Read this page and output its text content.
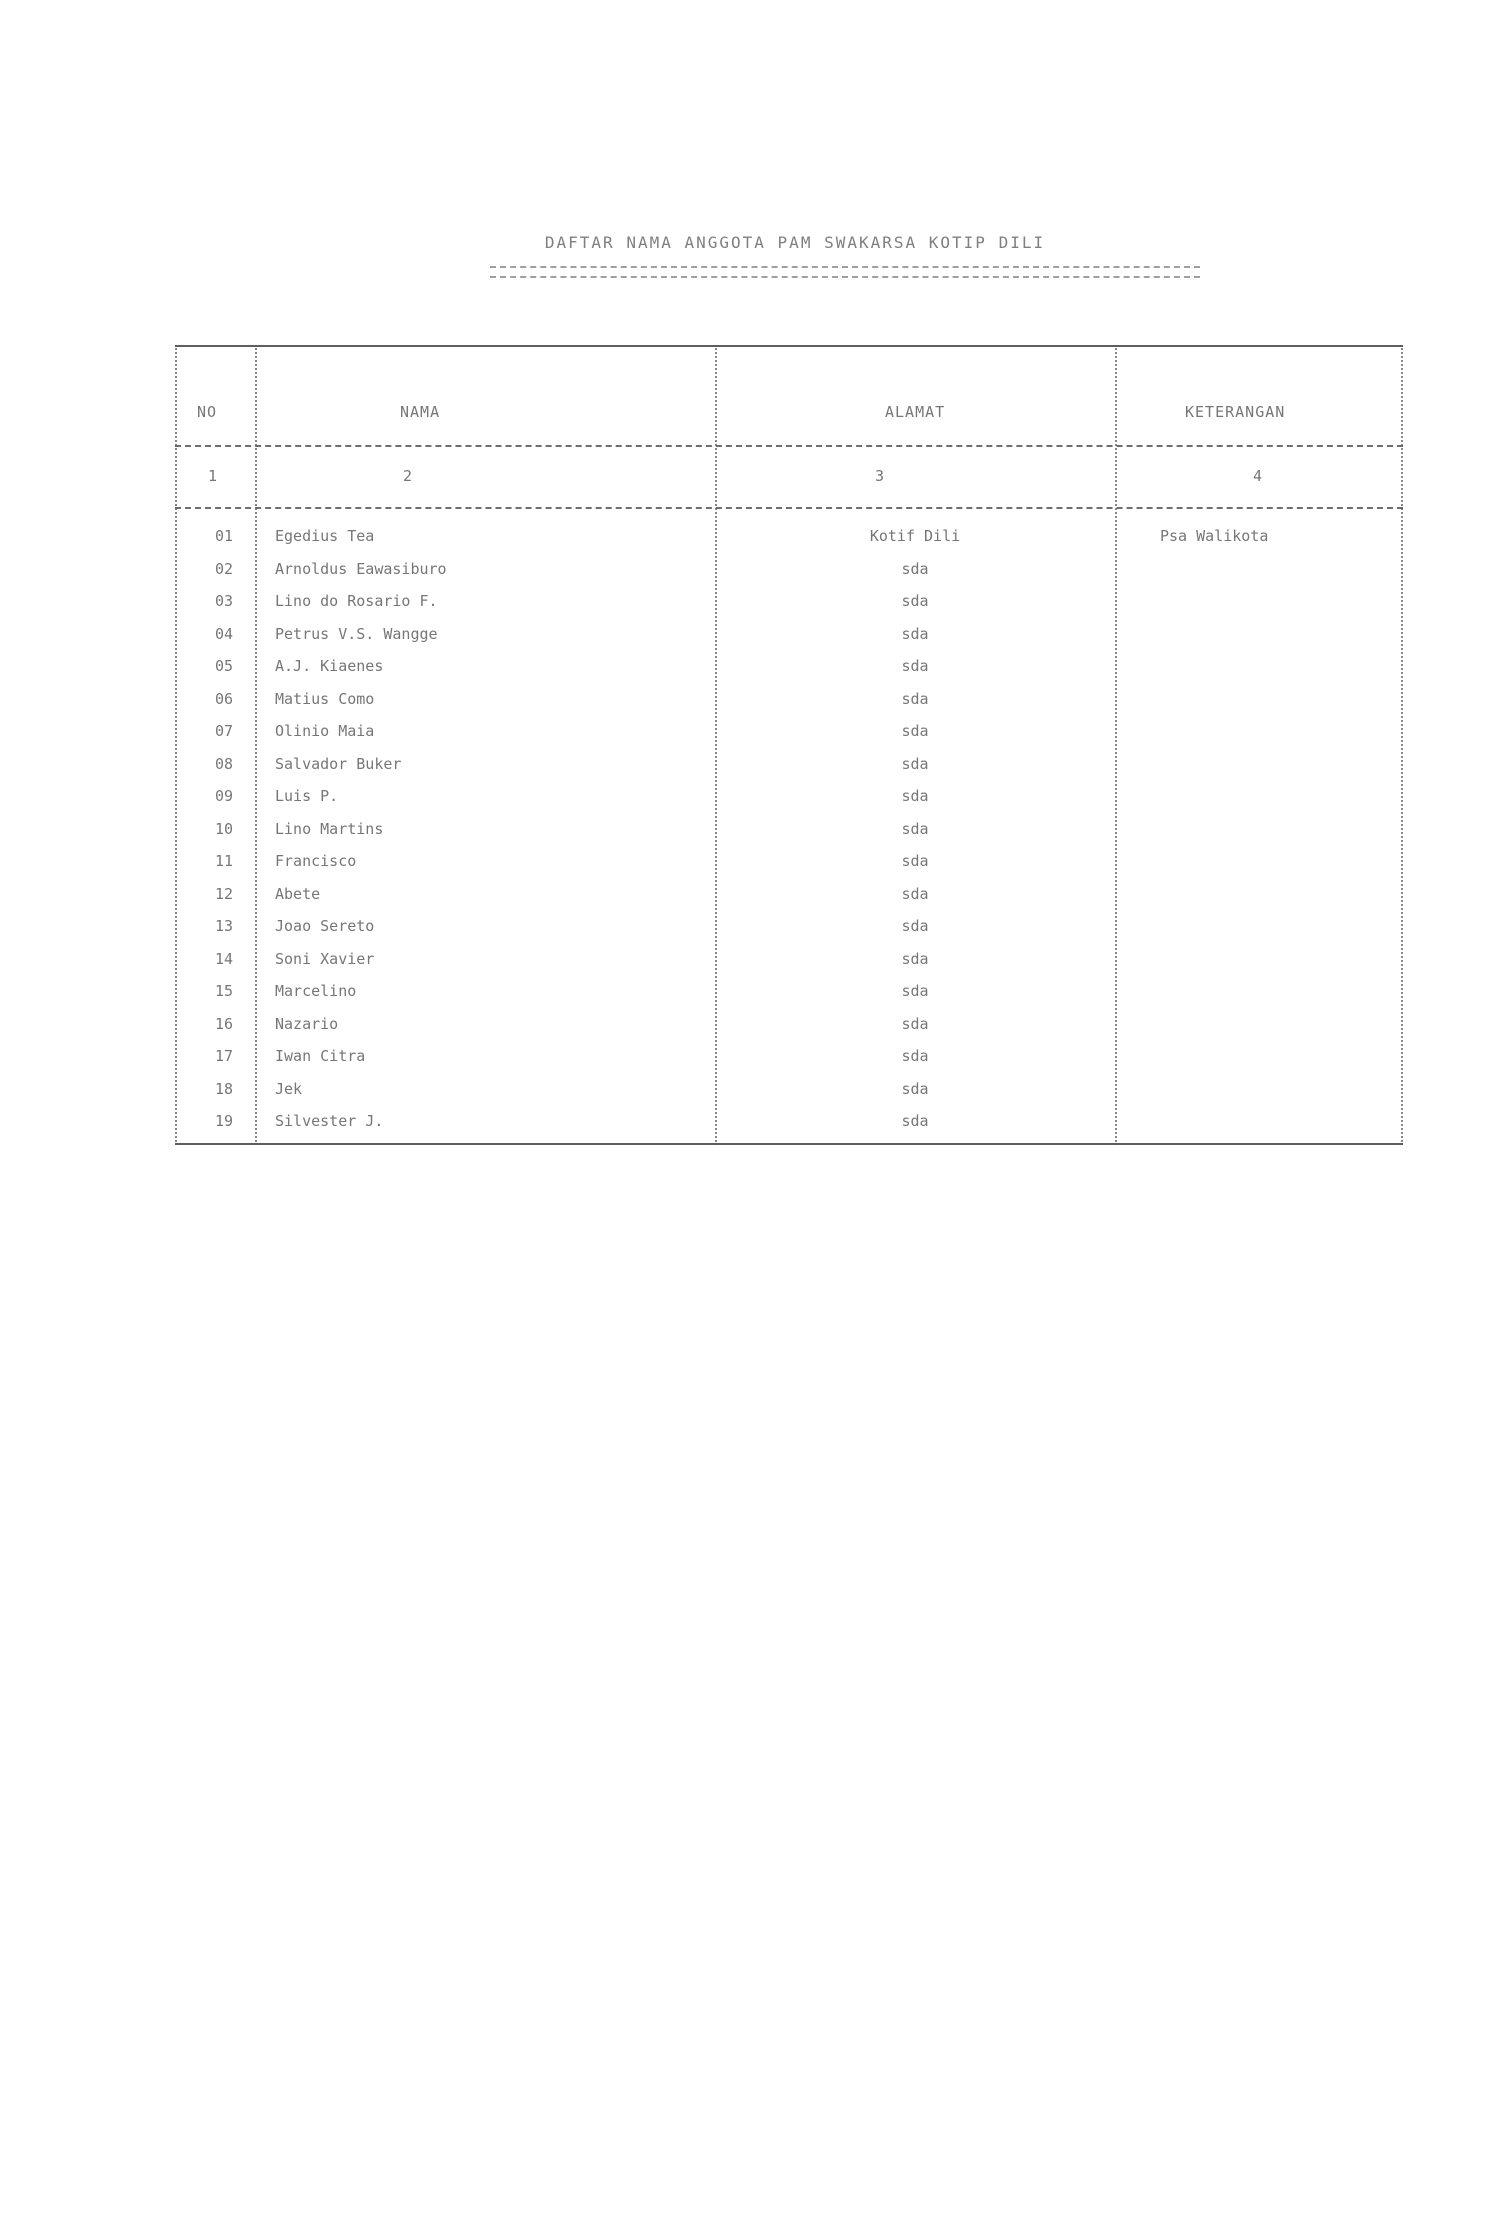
DAFTAR NAMA ANGGOTA PAM SWAKARSA KOTIP DILI
NO	NAMA	ALAMAT	KETERANGAN
1	2	3	4
01	Egedius Tea	Kotif Dili	Psa Walikota
02	Arnoldus Eawasiburo	sda
03	Lino do Rosario F.	sda
04	Petrus V.S. Wangge	sda
05	A.J. Kiaenes	sda
06	Matius Como	sda
07	Olinio Maia	sda
08	Salvador Buker	sda
09	Luis P.	sda
10	Lino Martins	sda
11	Francisco	sda
12	Abete	sda
13	Joao Sereto	sda
14	Soni Xavier	sda
15	Marcelino	sda
16	Nazario	sda
17	Iwan Citra	sda
18	Jek	sda
19	Silvester J.	sda
